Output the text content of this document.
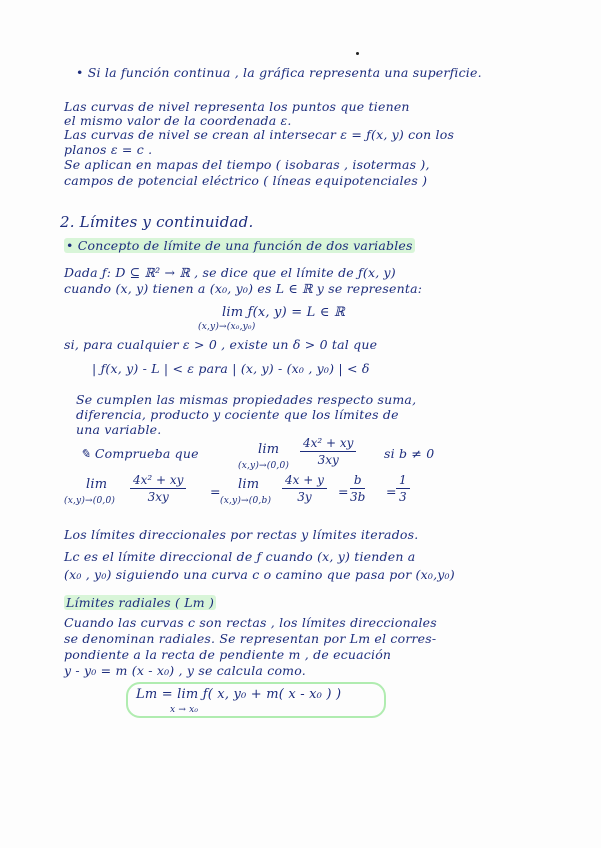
• Si la función continua , la gráfica representa una superficie.
Las curvas de nivel representa los puntos que tienen
el mismo valor de la coordenada ε.
Las curvas de nivel se crean al intersecar ε = ƒ(x, y) con los
planos ε = c .
Se aplican en mapas del tiempo ( isobaras , isotermas ),
campos de potencial eléctrico ( líneas equipotenciales )
2. Límites y continuidad.
• Concepto de límite de una función de dos variables
Dada ƒ: D ⊆ ℝ² → ℝ , se dice que el límite de ƒ(x, y)
cuando (x, y) tienen a (x₀, y₀) es L ∈ ℝ y se representa:
lim ƒ(x, y) = L ∈ ℝ
(x,y)→(x₀,y₀)
si, para cualquier ε > 0 , existe un δ > 0 tal que
| ƒ(x, y) - L | < ε para | (x, y) - (x₀ , y₀) | < δ
Se cumplen las mismas propiedades respecto suma,
diferencia, producto y cociente que los límites de
una variable.
✎ Comprueba que	lim
$(x,y)\to(0,0) \frac{\text{4x² + xy}}{3xy}$ si b ≠ 0
lim
$(x,y)\to(0,0) \frac{\text{4x² + xy}}{3xy} = \lim$
$(x,y)\to(0,b) \frac{4x + y}{3y} = \frac{b}{3b} = \frac{1}{3}$
Los límites direccionales por rectas y límites iterados.
Lc es el límite direccional de ƒ cuando (x, y) tienden a
(x₀ , y₀) siguiendo una curva c o camino que pasa por (x₀,y₀)
Límites radiales ( Lm )
Cuando las curvas c son rectas , los límites direccionales
se denominan radiales. Se representan por Lm el corres-
pondiente a la recta de pendiente m , de ecuación
y - y₀ = m (x - x₀) , y se calcula como.
Lm = lim ƒ( x, y₀ + m( x - x₀ ) )
x → x₀
